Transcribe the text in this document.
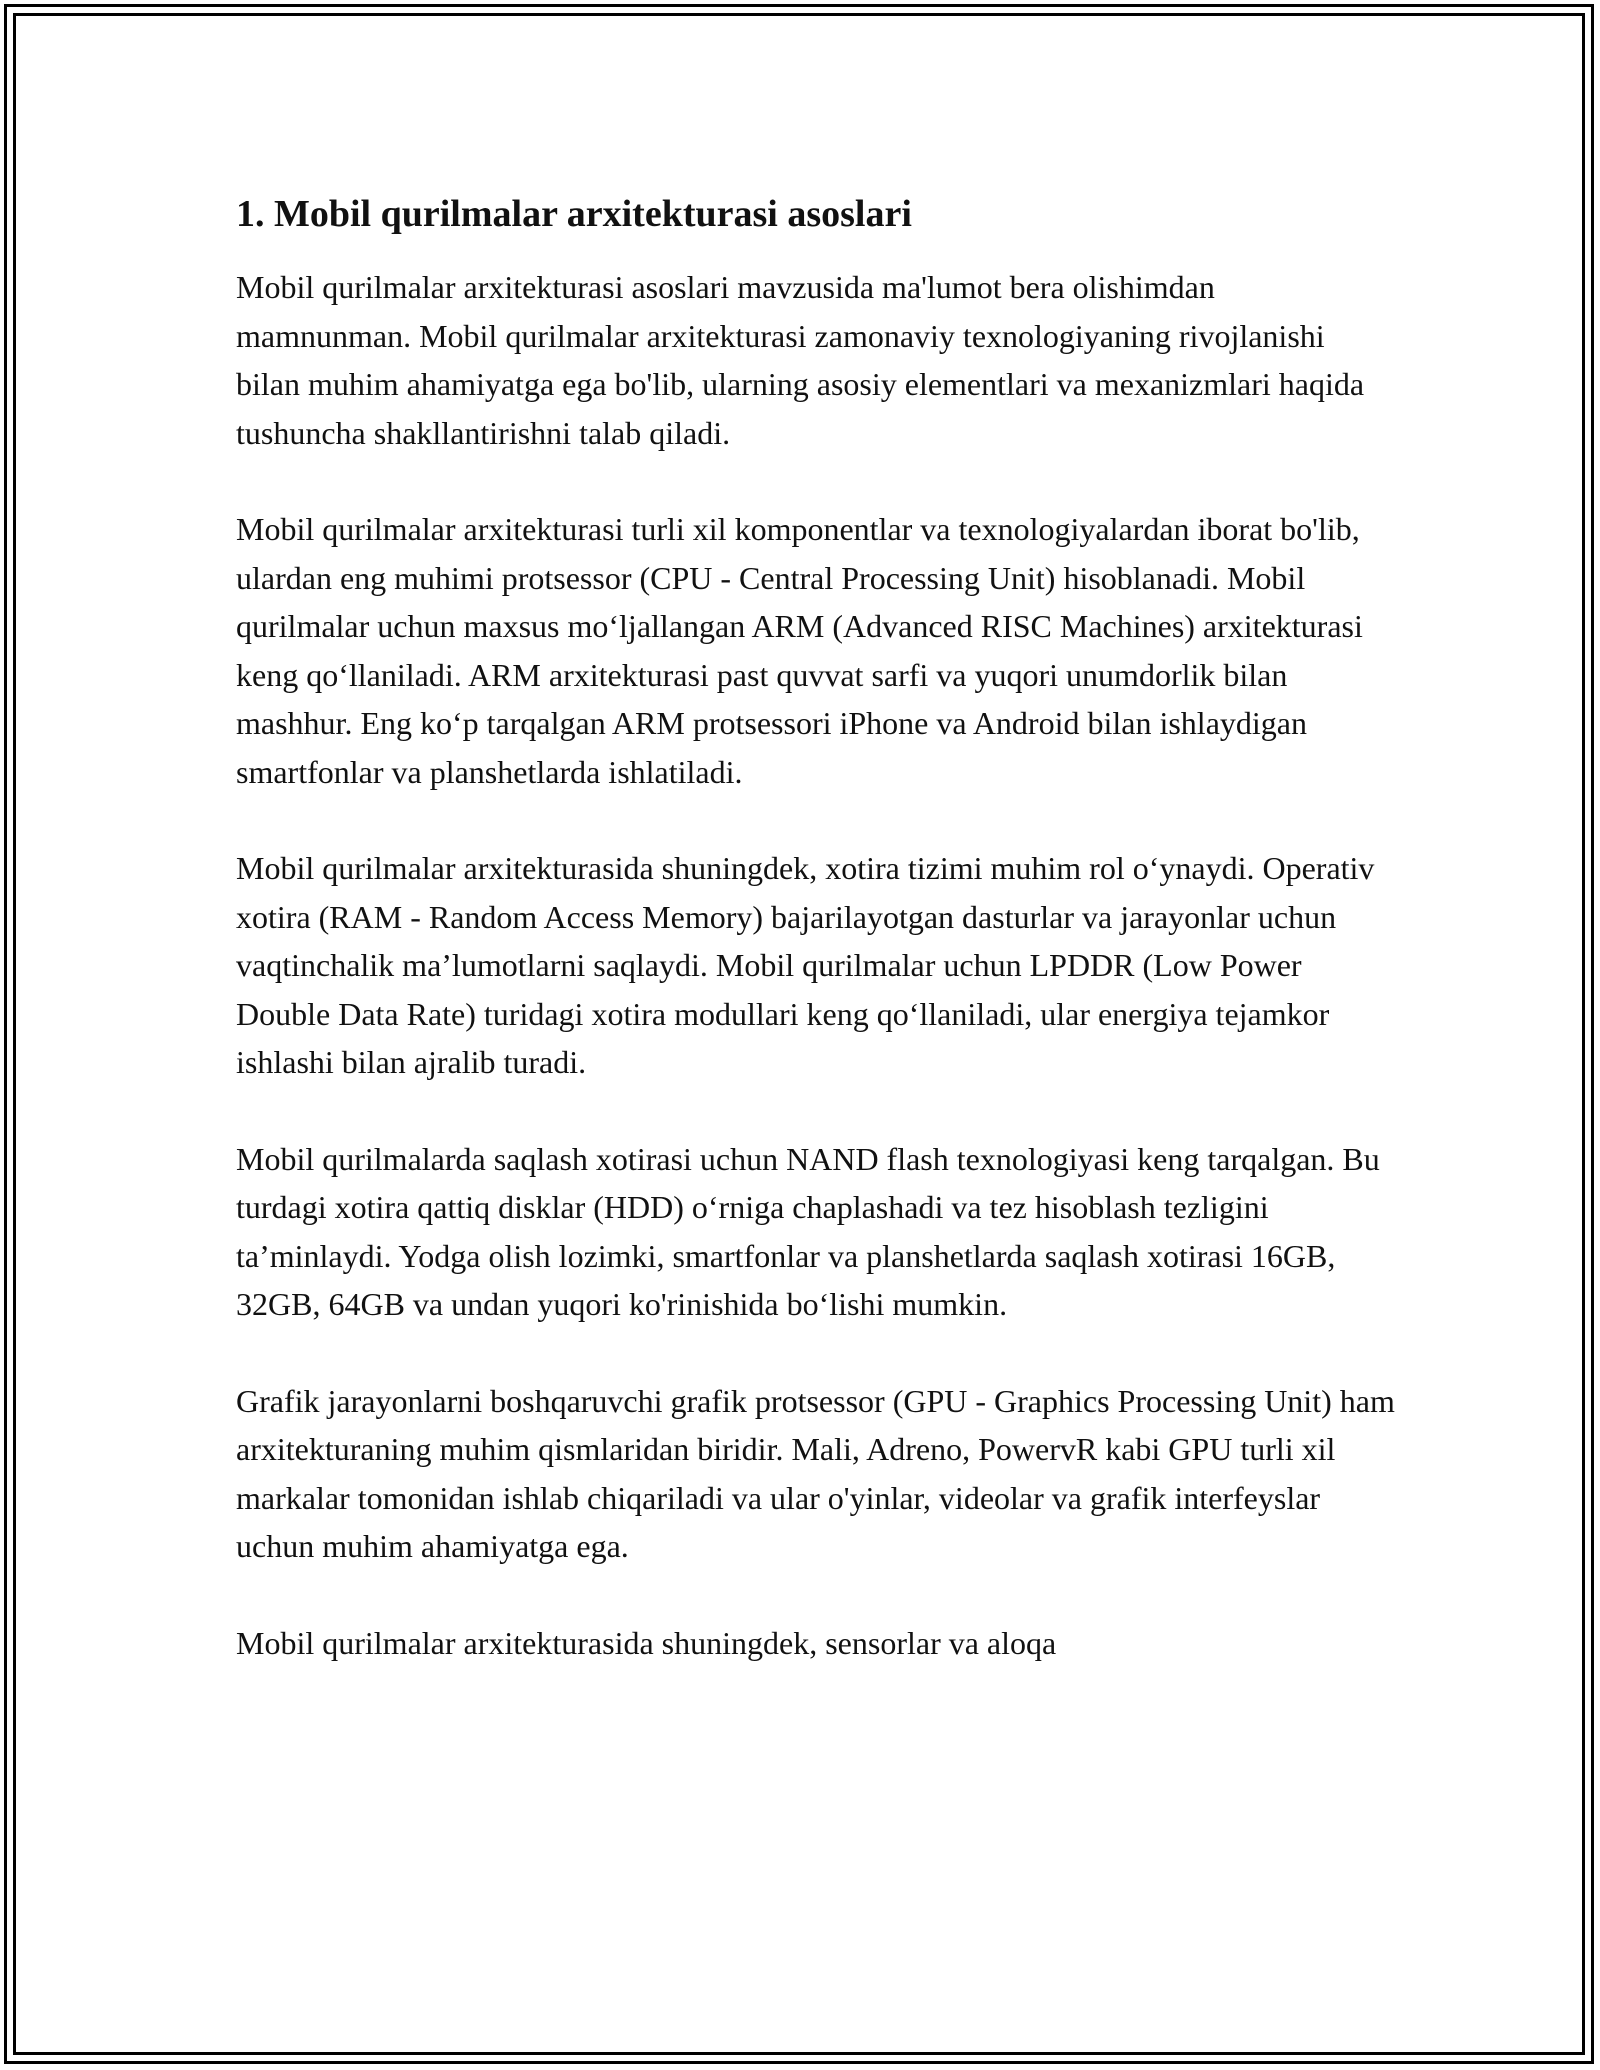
1. Mobil qurilmalar arxitekturasi asoslari

Mobil qurilmalar arxitekturasi asoslari mavzusida ma'lumot bera olishimdan mamnunman. Mobil qurilmalar arxitekturasi zamonaviy texnologiyaning rivojlanishi bilan muhim ahamiyatga ega bo'lib, ularning asosiy elementlari va mexanizmlari haqida tushuncha shakllantirishni talab qiladi.

Mobil qurilmalar arxitekturasi turli xil komponentlar va texnologiyalardan iborat bo'lib, ulardan eng muhimi protsessor (CPU - Central Processing Unit) hisoblanadi. Mobil qurilmalar uchun maxsus moʻljallangan ARM (Advanced RISC Machines) arxitekturasi keng qoʻllaniladi. ARM arxitekturasi past quvvat sarfi va yuqori unumdorlik bilan mashhur. Eng koʻp tarqalgan ARM protsessori iPhone va Android bilan ishlaydigan smartfonlar va planshetlarda ishlatiladi.

Mobil qurilmalar arxitekturasida shuningdek, xotira tizimi muhim rol oʻynaydi. Operativ xotira (RAM - Random Access Memory) bajarilayotgan dasturlar va jarayonlar uchun vaqtinchalik ma’lumotlarni saqlaydi. Mobil qurilmalar uchun LPDDR (Low Power Double Data Rate) turidagi xotira modullari keng qoʻllaniladi, ular energiya tejamkor ishlashi bilan ajralib turadi.

Mobil qurilmalarda saqlash xotirasi uchun NAND flash texnologiyasi keng tarqalgan. Bu turdagi xotira qattiq disklar (HDD) oʻrniga chaplashadi va tez hisoblash tezligini ta’minlaydi. Yodga olish lozimki, smartfonlar va planshetlarda saqlash xotirasi 16GB, 32GB, 64GB va undan yuqori ko'rinishida boʻlishi mumkin.

Grafik jarayonlarni boshqaruvchi grafik protsessor (GPU - Graphics Processing Unit) ham arxitekturaning muhim qismlaridan biridir. Mali, Adreno, PowervR kabi GPU turli xil markalar tomonidan ishlab chiqariladi va ular o'yinlar, videolar va grafik interfeyslar uchun muhim ahamiyatga ega.

Mobil qurilmalar arxitekturasida shuningdek, sensorlar va aloqa
